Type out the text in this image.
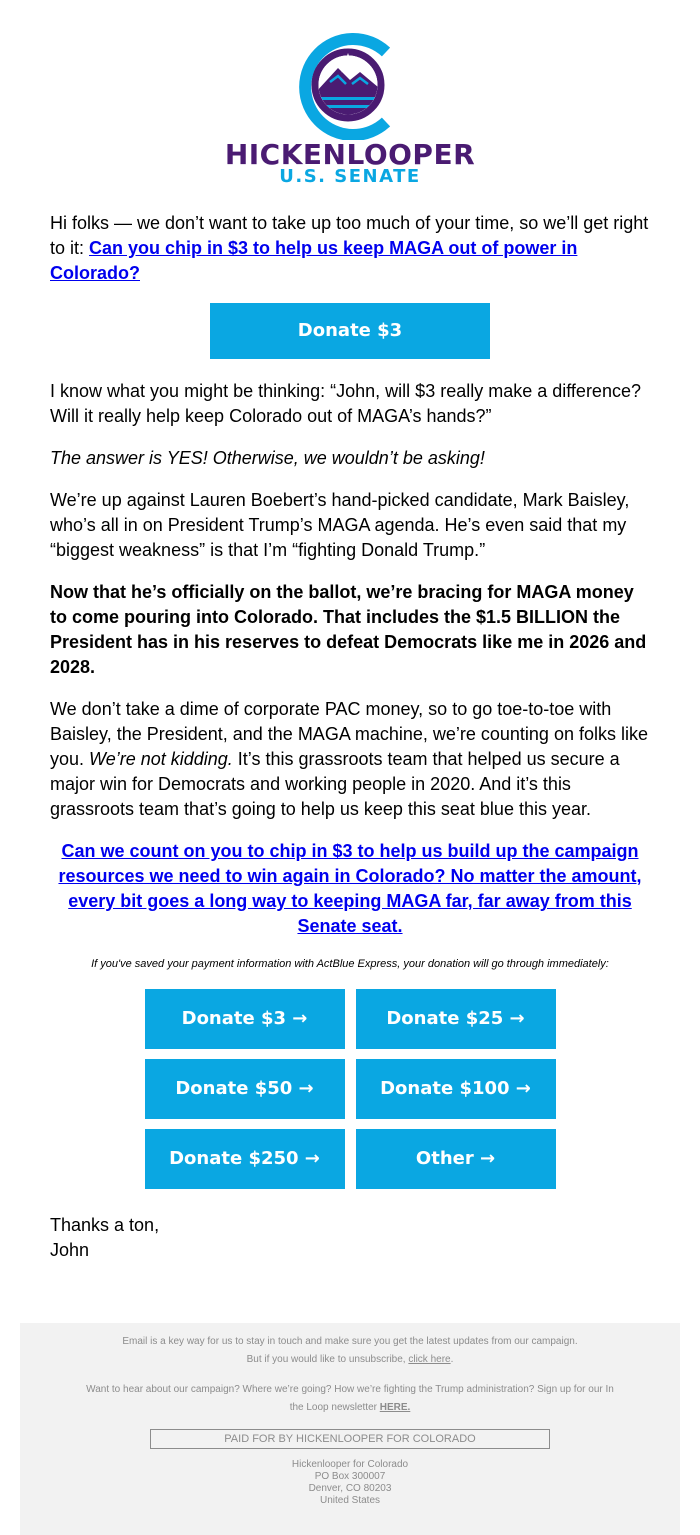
HICKENLOOPER
U.S. SENATE

Hi folks — we don’t want to take up too much of your time, so we’ll get right to it: Can you chip in $3 to help us keep MAGA out of power in Colorado?

Donate $3

I know what you might be thinking: “John, will $3 really make a difference? Will it really help keep Colorado out of MAGA’s hands?”

The answer is YES! Otherwise, we wouldn’t be asking!

We’re up against Lauren Boebert’s hand-picked candidate, Mark Baisley, who’s all in on President Trump’s MAGA agenda. He’s even said that my “biggest weakness” is that I’m “fighting Donald Trump.”

Now that he’s officially on the ballot, we’re bracing for MAGA money to come pouring into Colorado. That includes the $1.5 BILLION the President has in his reserves to defeat Democrats like me in 2026 and 2028.

We don’t take a dime of corporate PAC money, so to go toe-to-toe with Baisley, the President, and the MAGA machine, we’re counting on folks like you. We’re not kidding. It’s this grassroots team that helped us secure a major win for Democrats and working people in 2020. And it’s this grassroots team that’s going to help us keep this seat blue this year.

Can we count on you to chip in $3 to help us build up the campaign resources we need to win again in Colorado? No matter the amount, every bit goes a long way to keeping MAGA far, far away from this Senate seat.

If you've saved your payment information with ActBlue Express, your donation will go through immediately:

Donate $3 →	Donate $25 →
Donate $50 →	Donate $100 →
Donate $250 →	Other →

Thanks a ton,

John

Email is a key way for us to stay in touch and make sure you get the latest updates from our campaign.
But if you would like to unsubscribe, click here.

Want to hear about our campaign? Where we’re going? How we’re fighting the Trump administration? Sign up for our In the Loop newsletter HERE.

PAID FOR BY HICKENLOOPER FOR COLORADO
Hickenlooper for Colorado
PO Box 300007
Denver, CO 80203
United States
